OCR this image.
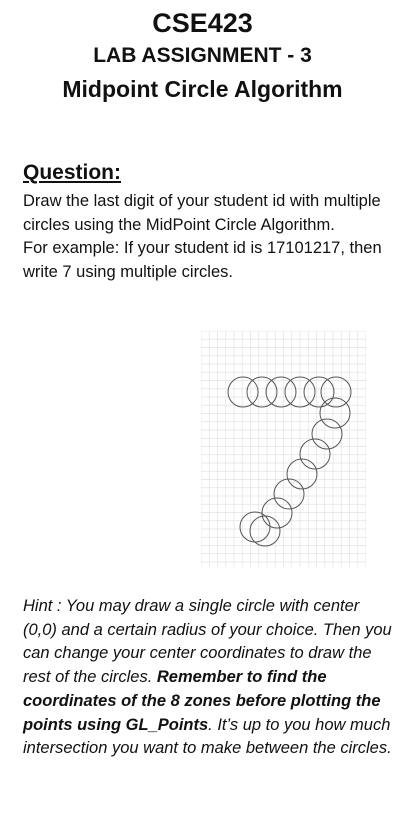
CSE423
LAB ASSIGNMENT - 3
Midpoint Circle Algorithm
Question:

Draw the last digit of your student id with multiple circles using the MidPoint Circle Algorithm.

For example: If your student id is 17101217, then write 7 using multiple circles.

Hint : You may draw a single circle with center (0,0) and a certain radius of your choice. Then you can change your center coordinates to draw the rest of the circles. Remember to find the coordinates of the 8 zones before plotting the points using GL_Points. It’s up to you how much intersection you want to make between the circles.
